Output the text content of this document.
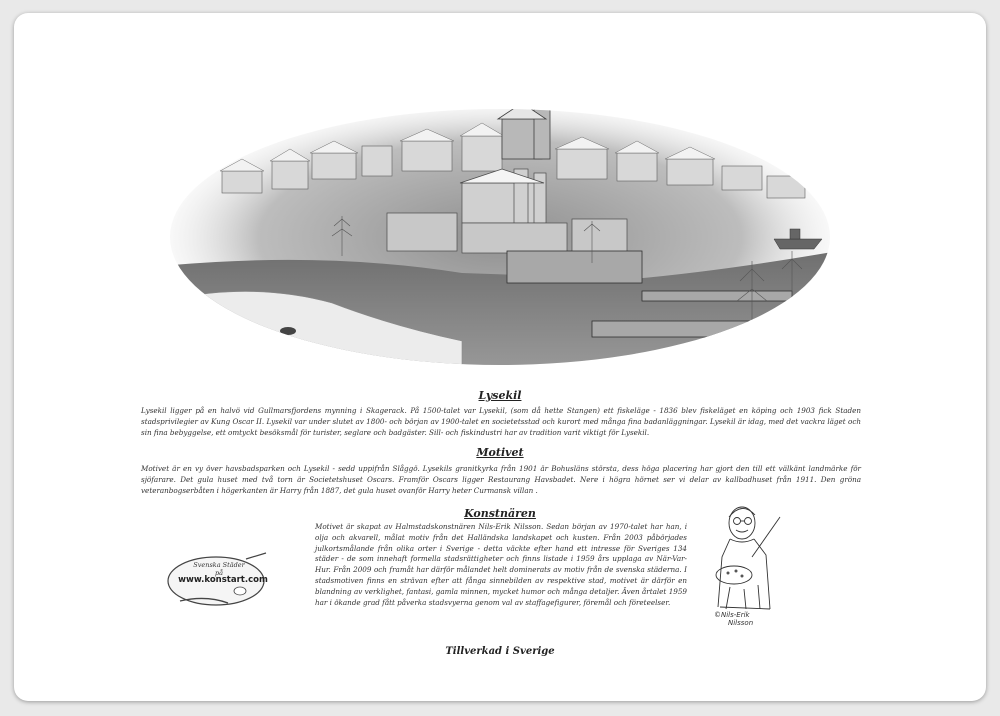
Lysekil

Lysekil ligger på en halvö vid Gullmarsfjordens mynning i Skagerack. På 1500-talet var Lysekil, (som då hette Stangen) ett fiskeläge - 1836 blev fiskeläget en köping och 1903 fick Staden stadsprivilegier av Kung Oscar II. Lysekil var under slutet av 1800- och början av 1900-talet en societetsstad och kurort med många fina badanläggningar. Lysekil är idag, med det vackra läget och sin fina bebyggelse, ett omtyckt besöksmål för turister, seglare och badgäster. Sill- och fiskindustri har av tradition varit viktigt för Lysekil.

Motivet

Motivet är en vy över havsbadsparken och Lysekil - sedd uppifrån Slåggö. Lysekils granitkyrka från 1901 är Bohusläns största, dess höga placering har gjort den till ett välkänt landmärke för sjöfarare. Det gula huset med två torn är Societetshuset Oscars. Framför Oscars ligger Restaurang Havsbadet. Nere i högra hörnet ser vi delar av kallbadhuset från 1911. Den gröna veteranbogserbåten i högerkanten är Harry från 1887, det gula huset ovanför Harry heter Curmansk villan .

Konstnären

Motivet är skapat av Halmstadskonstnären Nils-Erik Nilsson. Sedan början av 1970-talet har han, i olja och akvarell, målat motiv från det Halländska landskapet och kusten. Från 2003 påbörjades julkortsmålande från olika orter i Sverige - detta väckte efter hand ett intresse för Sveriges 134 städer - de som innehaft formella stadsrättigheter och finns listade i 1959 års upplaga av När-Var-Hur. Från 2009 och framåt har därför målandet helt dominerats av motiv från de svenska städerna. I stadsmotiven finns en strävan efter att fånga sinnebilden av respektive stad, motivet är därför en blandning av verklighet, fantasi, gamla minnen, mycket humor och många detaljer. Även årtalet 1959 har i ökande grad fått påverka stadsvyerna genom val av staffagefigurer, föremål och företeelser.

Svenska Städer på
www.konstart.com
©Nils-Erik
Nilsson
Tillverkad i Sverige
